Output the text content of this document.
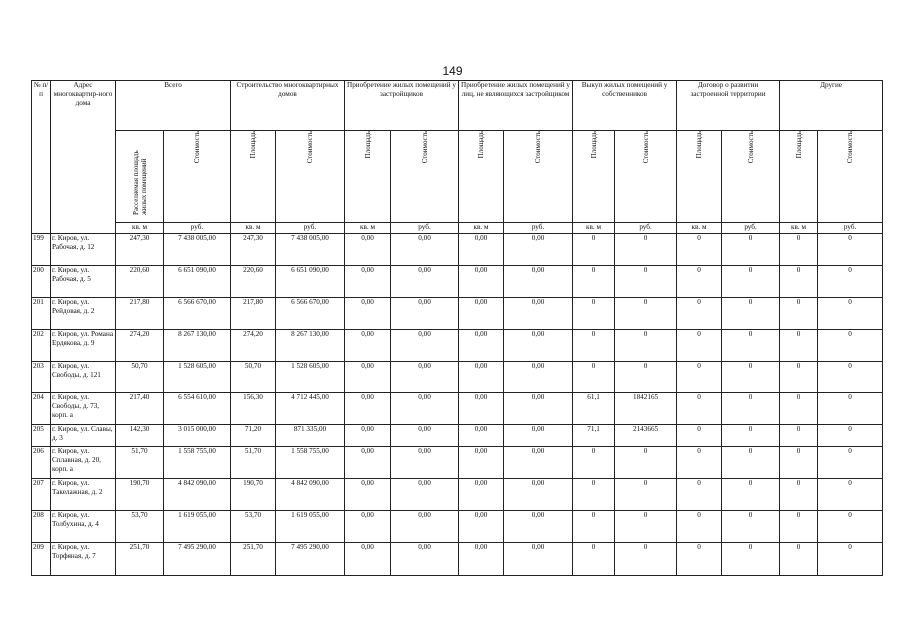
149
№ п/п	Адрес многоквартир-ного дома	Всего		Строительство многоквартирных домов		Приобретение жилых помещений у застройщиков		Приобретение жилых помещений у лиц, не являющихся застройщиком		Выкуп жилых помещений у собственников		Договор о развитии застроенной территории		Другие	

		Расселяемая площадь жилых помещений	Стоимость	Площадь	Стоимость	Площадь	Стоимость	Площадь	Стоимость	Площадь	Стоимость	Площадь	Стоимость	Площадь	Стоимость

		кв. м	руб.	кв. м	руб.	кв. м	руб.	кв. м	руб.	кв. м	руб.	кв. м	руб.	кв. м	руб.
199	г. Киров, ул. Рабочая, д. 12	247,30	7 438 005,00	247,30	7 438 005,00	0,00	0,00	0,00	0,00	0	0	0	0	0	0
200	г. Киров, ул. Рабочая, д. 5	220,60	6 651 090,00	220,60	6 651 090,00	0,00	0,00	0,00	0,00	0	0	0	0	0	0
201	г. Киров, ул. Рейдовая, д. 2	217,80	6 566 670,00	217,80	6 566 670,00	0,00	0,00	0,00	0,00	0	0	0	0	0	0
202	г. Киров, ул. Романа Ердякова, д. 9	274,20	8 267 130,00	274,20	8 267 130,00	0,00	0,00	0,00	0,00	0	0	0	0	0	0
203	г. Киров, ул. Свободы, д. 121	50,70	1 528 605,00	50,70	1 528 605,00	0,00	0,00	0,00	0,00	0	0	0	0	0	0
204	г. Киров, ул. Свободы, д. 73, корп. а	217,40	6 554 610,00	156,30	4 712 445,00	0,00	0,00	0,00	0,00	61,1	1842165	0	0	0	0
205	г. Киров, ул. Славы, д. 3	142,30	3 015 000,00	71,20	871 335,00	0,00	0,00	0,00	0,00	71,1	2143665	0	0	0	0
206	г. Киров, ул. Сплавная, д. 20, корп. а	51,70	1 558 755,00	51,70	1 558 755,00	0,00	0,00	0,00	0,00	0	0	0	0	0	0
207	г. Киров, ул. Такелажная, д. 2	190,70	4 842 090,00	190,70	4 842 090,00	0,00	0,00	0,00	0,00	0	0	0	0	0	0
208	г. Киров, ул. Толбухина, д. 4	53,70	1 619 055,00	53,70	1 619 055,00	0,00	0,00	0,00	0,00	0	0	0	0	0	0
209	г. Киров, ул. Торфяная, д. 7	251,70	7 495 290,00	251,70	7 495 290,00	0,00	0,00	0,00	0,00	0	0	0	0	0	0
